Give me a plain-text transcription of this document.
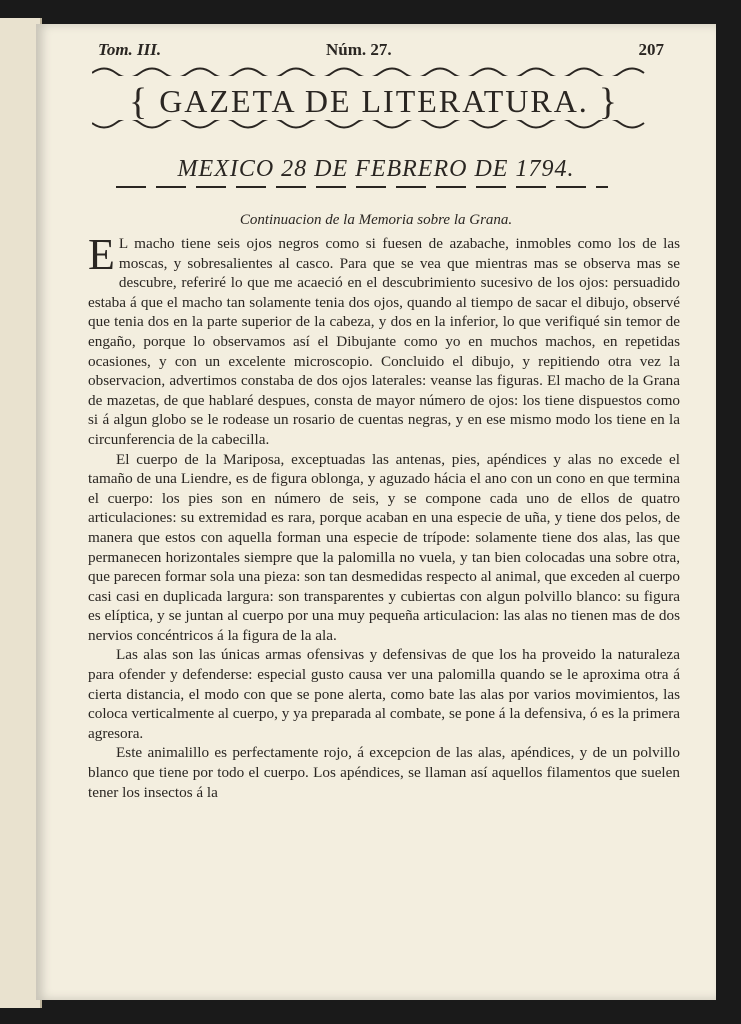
Tom. III.	Núm. 27.	207
{ GAZETA DE LITERATURA. }
MEXICO 28 DE FEBRERO DE 1794.
Continuacion de la Memoria sobre la Grana.

E L macho tiene seis ojos negros como si fuesen de azabache, inmobles como los de las moscas, y sobresalientes al casco. Para que se vea que mientras mas se observa mas se descubre, referiré lo que me acaeció en el descubrimiento sucesivo de los ojos: persuadido estaba á que el macho tan solamente tenia dos ojos, quando al tiempo de sacar el dibujo, observé que tenia dos en la parte superior de la cabeza, y dos en la inferior, lo que verifiqué sin temor de engaño, porque lo observamos así el Dibujante como yo en muchos machos, en repetidas ocasiones, y con un excelente microscopio. Concluido el dibujo, y repitiendo otra vez la observacion, advertimos constaba de dos ojos laterales: veanse las figuras. El macho de la Grana de mazetas, de que hablaré despues, consta de mayor número de ojos: los tiene dispuestos como si á algun globo se le rodease un rosario de cuentas negras, y en ese mismo modo los tiene en la circunferencia de la cabecilla.

El cuerpo de la Mariposa, exceptuadas las antenas, pies, apéndices y alas no excede el tamaño de una Liendre, es de figura oblonga, y aguzado hácia el ano con un cono en que termina el cuerpo: los pies son en número de seis, y se compone cada uno de ellos de quatro articulaciones: su extremidad es rara, porque acaban en una especie de uña, y tiene dos pelos, de manera que estos con aquella forman una especie de trípode: solamente tiene dos alas, las que permanecen horizontales siempre que la palomilla no vuela, y tan bien colocadas una sobre otra, que parecen formar sola una pieza: son tan desmedidas respecto al animal, que exceden al cuerpo casi casi en duplicada largura: son transparentes y cubiertas con algun polvillo blanco: su figura es elíptica, y se juntan al cuerpo por una muy pequeña articulacion: las alas no tienen mas de dos nervios concéntricos á la figura de la ala.

Las alas son las únicas armas ofensivas y defensivas de que los ha proveido la naturaleza para ofender y defenderse: especial gusto causa ver una palomilla quando se le aproxima otra á cierta distancia, el modo con que se pone alerta, como bate las alas por varios movimientos, las coloca verticalmente al cuerpo, y ya preparada al combate, se pone á la defensiva, ó es la primera agresora.

Este animalillo es perfectamente rojo, á excepcion de las alas, apéndices, y de un polvillo blanco que tiene por todo el cuerpo. Los apéndices, se llaman así aquellos filamentos que suelen tener los insectos á la
